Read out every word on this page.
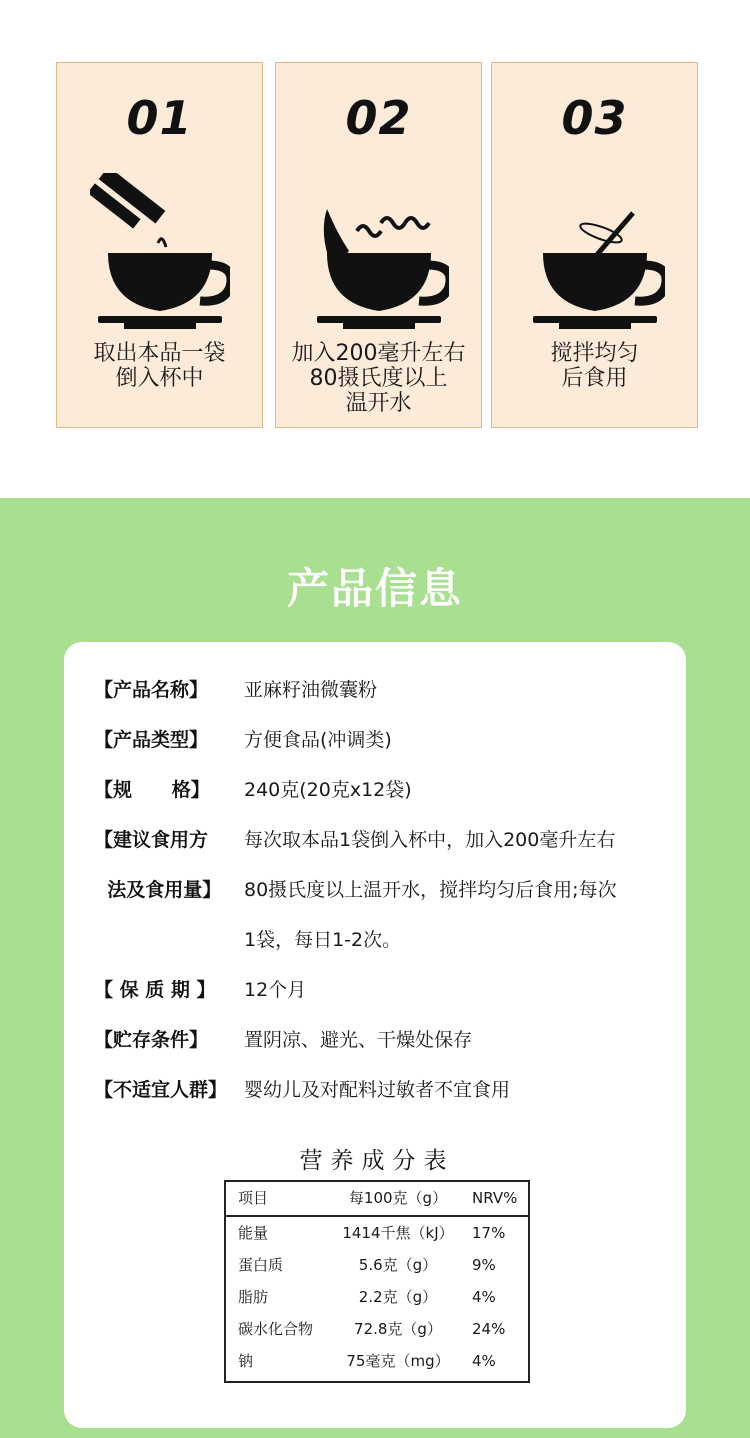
01
取出本品一袋
倒入杯中
02
加入200毫升左右
80摄氏度以上
温开水
03
搅拌均匀
后食用
产品信息
【产品名称】	亚麻籽油微囊粉
【产品类型】	方便食品(冲调类)
【规      格】	240克(20克x12袋)
【建议食用方	每次取本品1袋倒入杯中，加入200毫升左右
法及食用量】	80摄氏度以上温开水，搅拌均匀后食用;每次
1袋，每日1-2次。
【 保 质 期 】	12个月
【贮存条件】	置阴凉、避光、干燥处保存
【不适宜人群】 婴幼儿及对配料过敏者不宜食用
营养成分表
项目	每100克（g）	NRV%
能量	1414千焦（kJ） 17%
蛋白质	5.6克（g）	9%
脂肪	2.2克（g）	4%
碳水化合物	72.8克（g）	24%
钠	75毫克（mg）	4%
